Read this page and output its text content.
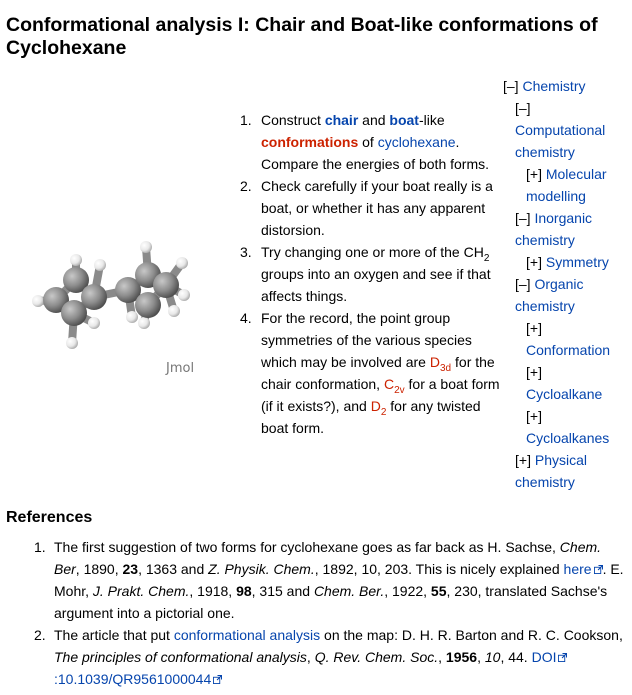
Conformational analysis I: Chair and Boat-like conformations of Cyclohexane
Jmol
1. Construct chair and boat-like conformations of cyclohexane. Compare the energies of both forms.
2. Check carefully if your boat really is a boat, or whether it has any apparent distorsion.
3. Try changing one or more of the $CH_2$ groups into an oxygen and see if that affects things.
4. For the record, the point group symmetries of the various species which may be involved are $D_{3d}$ for the chair conformation, $C_{2v}$ for a boat form (if it exists?), and $D_2$ for any twisted boat form.
[–] Chemistry
[–]
Computational
chemistry
[+] Molecular
modelling
[–] Inorganic
chemistry
[+] Symmetry
[–] Organic
chemistry
[+]
Conformation
[+]
Cycloalkane
[+]
Cycloalkanes
[+] Physical
chemistry
References
1. The first suggestion of two forms for cyclohexane goes as far back as H. Sachse, Chem. Ber, 1890, 23, 1363 and Z. Physik. Chem., 1892, 10, 203. This is nicely explained here . E. Mohr, J. Prakt. Chem., 1918, 98, 315 and Chem. Ber., 1922, 55, 230, translated Sachse's argument into a pictorial one.
2. The article that put conformational analysis on the map: D. H. R. Barton and R. C. Cookson, The principles of conformational analysis, Q. Rev. Chem. Soc., 1956, 10, 44. DOI:10.1039/QR9561000044
